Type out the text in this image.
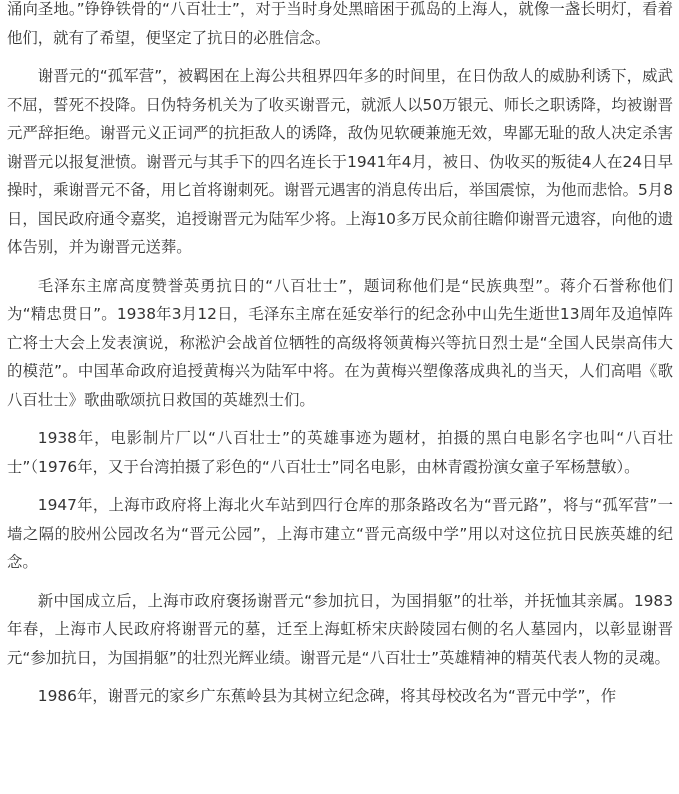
涌向圣地。”铮铮铁骨的“八百壮士”，对于当时身处黑暗困于孤岛的上海人，就像一盏长明灯，看着他们，就有了希望，便坚定了抗日的必胜信念。

谢晋元的“孤军营”，被羁困在上海公共租界四年多的时间里，在日伪敌人的威胁利诱下，威武不屈，誓死不投降。日伪特务机关为了收买谢晋元，就派人以50万银元、师长之职诱降，均被谢晋元严辞拒绝。谢晋元义正词严的抗拒敌人的诱降，敌伪见软硬兼施无效，卑鄙无耻的敌人决定杀害谢晋元以报复泄愤。谢晋元与其手下的四名连长于1941年4月，被日、伪收买的叛徒4人在24日早操时，乘谢晋元不备，用匕首将谢刺死。谢晋元遇害的消息传出后，举国震惊，为他而悲恰。5月8日，国民政府通令嘉奖，追授谢晋元为陆军少将。上海10多万民众前往瞻仰谢晋元遗容，向他的遗体告别，并为谢晋元送葬。

毛泽东主席高度赞誉英勇抗日的“八百壮士”，题词称他们是“民族典型”。蒋介石誉称他们为“精忠贯日”。1938年3月12日，毛泽东主席在延安举行的纪念孙中山先生逝世13周年及追悼阵亡将士大会上发表演说，称淞沪会战首位牺牲的高级将领黄梅兴等抗日烈士是“全国人民崇高伟大的模范”。中国革命政府追授黄梅兴为陆军中将。在为黄梅兴塑像落成典礼的当天，人们高唱《歌八百壮士》歌曲歌颂抗日救国的英雄烈士们。

1938年，电影制片厂以“八百壮士”的英雄事迹为题材，拍摄的黑白电影名字也叫“八百壮士”（1976年，又于台湾拍摄了彩色的“八百壮士”同名电影，由林青霞扮演女童子军杨慧敏）。

1947年，上海市政府将上海北火车站到四行仓库的那条路改名为“晋元路”，将与“孤军营”一墙之隔的胶州公园改名为“晋元公园”，上海市建立“晋元高级中学”用以对这位抗日民族英雄的纪念。

新中国成立后，上海市政府褒扬谢晋元“参加抗日，为国捐躯”的壮举，并抚恤其亲属。1983年春，上海市人民政府将谢晋元的墓，迁至上海虹桥宋庆龄陵园右侧的名人墓园内，以彰显谢晋元“参加抗日，为国捐躯”的壮烈光辉业绩。谢晋元是“八百壮士”英雄精神的精英代表人物的灵魂。

1986年，谢晋元的家乡广东蕉岭县为其树立纪念碑，将其母校改名为“晋元中学”，作
